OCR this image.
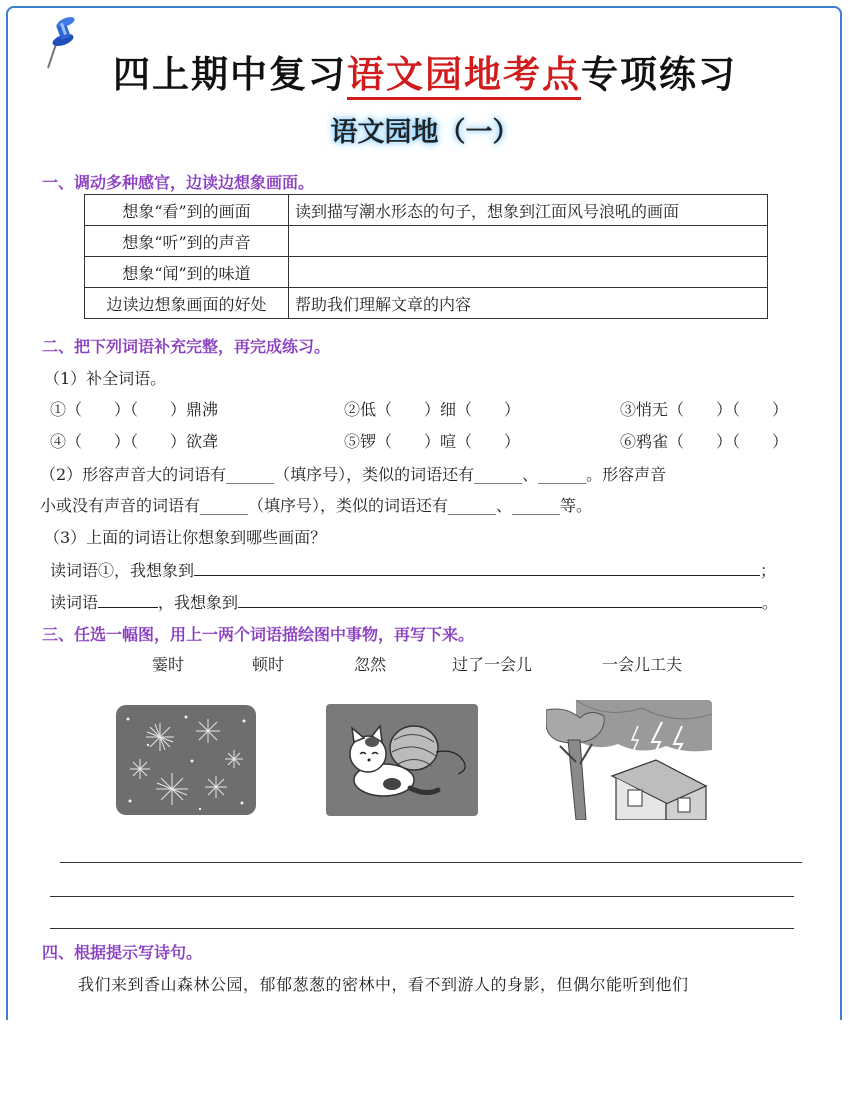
四上期中复习语文园地考点专项练习
语文园地（一）
一、调动多种感官，边读边想象画面。
想象“看”到的画面	读到描写潮水形态的句子，想象到江面风号浪吼的画面
想象“听”到的声音	
想象“闻”到的味道	
边读边想象画面的好处	帮助我们理解文章的内容
二、把下列词语补充完整，再完成练习。
（1）补全词语。
①（　　）（　　）鼎沸	②低（　　）细（　　）	③悄无（　　）（　　）
④（　　）（　　）欲聋	⑤锣（　　）喧（　　）	⑥鸦雀（　　）（　　）
（2）形容声音大的词语有______（填序号），类似的词语还有______、______。形容声音
小或没有声音的词语有______（填序号），类似的词语还有______、______等。
（3）上面的词语让你想象到哪些画面？
读词语①，我想象到	；
读词语	，我想象到	。
三、任选一幅图，用上一两个词语描绘图中事物，再写下来。
霎时	顿时	忽然	过了一会儿	一会儿工夫
四、根据提示写诗句。
我们来到香山森林公园，郁郁葱葱的密林中，看不到游人的身影，但偶尔能听到他们
